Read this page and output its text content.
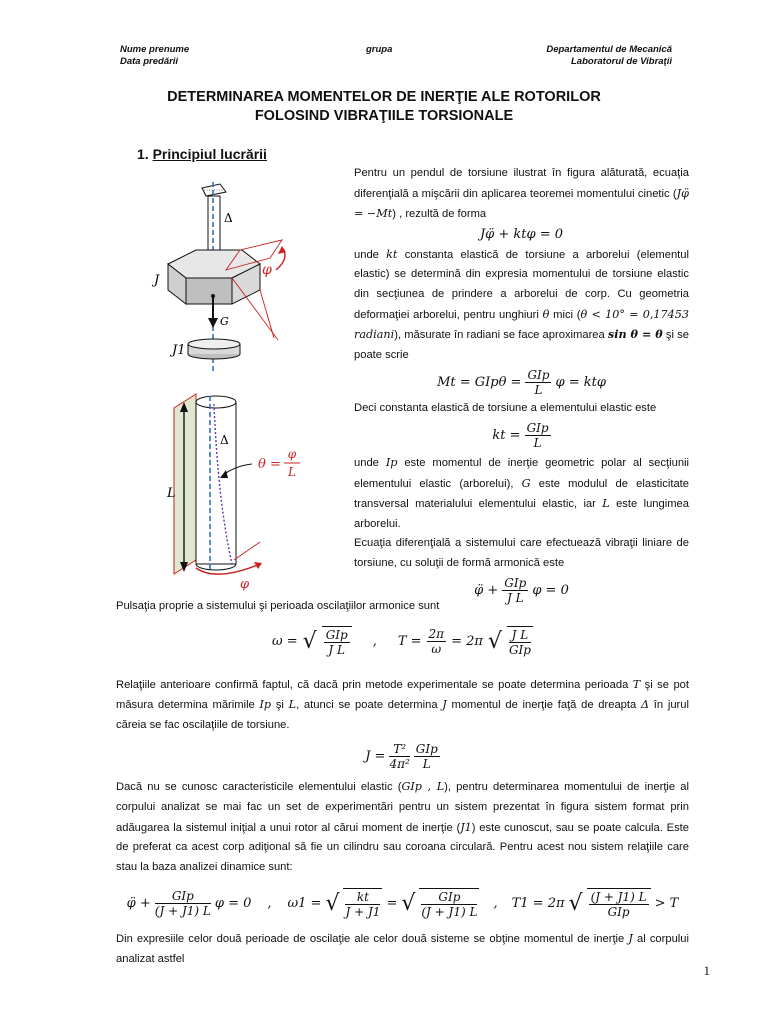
Nume prenume
Data predării
grupa	Departamentul de Mecanică
Laboratorul de Vibraţii
DETERMINAREA MOMENTELOR DE INERŢIE ALE ROTORILOR
FOLOSIND VIBRAŢIILE TORSIONALE
1. Principiul lucrării
Δ
φ
J
G
J1
Δ
θ =
φ
L
L
φ

Pentru un pendul de torsiune ilustrat în figura alăturată, ecuaţia diferenţială a mişcării din aplicarea teoremei momentului cinetic (Jφ̈ = −Mt) , rezultă de forma

Jφ̈ + ktφ = 0

unde kt constanta elastică de torsiune a arborelui (elementul elastic) se determină din expresia momentului de torsiune elastic din secţiunea de prindere a arborelui de corp. Cu geometria deformaţiei arborelui, pentru unghiuri θ mici (θ < 10° = 0,17453 radiani), măsurate în radiani se face aproximarea sin θ = θ şi se poate scrie

$Mt = GIp\theta = \frac{\text{GIp}}{L}$ φ = ktφ

Deci constanta elastică de torsiune a elementului elastic este

kt = $\frac{\text{GIp}}{L}$

unde Ip este momentul de inerţie geometric polar al secţiunii elementului elastic (arborelui), G este modulul de elasticitate transversal materialului elementului elastic, iar L este lungimea arborelui.

Ecuaţia diferenţială a sistemului care efectuează vibraţii liniare de torsiune, cu soluţii de formă armonică este

φ̈ + $\frac{\text{GIp}}{\text{J L}}$ φ = 0

Pulsaţia proprie a sistemului şi perioada oscilaţiilor armonice sunt

ω = √ $\frac{\text{GIp}}{\text{J L}}$ , $T = \frac{2\pi}{\omega} = 2\pi$ √ $\frac{\text{J L}}{\text{GIp}}$

Relaţiile anterioare confirmă faptul, că dacă prin metode experimentale se poate determina perioada T şi se pot măsura determina mărimile Ip şi L, atunci se poate determina J momentul de inerţie faţă de dreapta Δ în jurul căreia se fac oscilaţiile de torsiune.

$J = \frac{\text{T²}}{\text{4π²}} \frac{\text{GIp}}{L}$

Dacă nu se cunosc caracteristicile elementului elastic (GIp , L), pentru determinarea momentului de inerţie al corpului analizat se mai fac un set de experimentări pentru un sistem prezentat în figura sistem format prin adăugarea la sistemul iniţial a unui rotor al cărui moment de inerţie (J1) este cunoscut, sau se poate calcula. Este de preferat ca acest corp adiţional să fie un cilindru sau coroana circulară. Pentru acest nou sistem relaţiile care stau la baza analizei dinamice sunt:

φ̈ + $\frac{\text{GIp}}{(J + J1) L}$ φ = 0 , ω1 = √ $\frac{kt}{J + J1}$ = √ $\frac{\text{GIp}}{(J + J1) L}$ , T1 = 2π √ $\frac{(J + J1) L}{\text{GIp}} > T$

Din expresiile celor două perioade de oscilaţie ale celor două sisteme se obţine momentul de inerţie J al corpului analizat astfel

1
